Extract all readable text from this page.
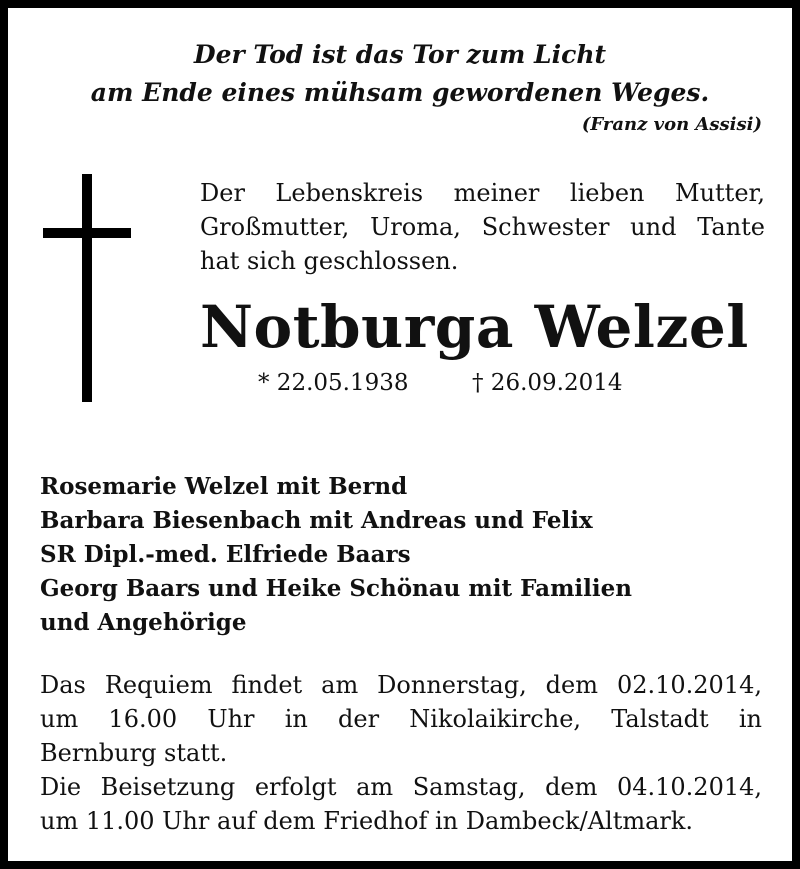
Der Tod ist das Tor zum Licht
am Ende eines mühsam gewordenen Weges.
(Franz von Assisi)
Der Lebenskreis meiner lieben Mutter,
Großmutter, Uroma, Schwester und Tante
hat sich geschlossen.
Notburga Welzel
* 22.05.1938	† 26.09.2014
Rosemarie Welzel mit Bernd
Barbara Biesenbach mit Andreas und Felix
SR Dipl.-med. Elfriede Baars
Georg Baars und Heike Schönau mit Familien
und Angehörige
Das Requiem findet am Donnerstag, dem 02.10.2014,
um 16.00 Uhr in der Nikolaikirche, Talstadt in
Bernburg statt.
Die Beisetzung erfolgt am Samstag, dem 04.10.2014,
um 11.00 Uhr auf dem Friedhof in Dambeck/Altmark.
